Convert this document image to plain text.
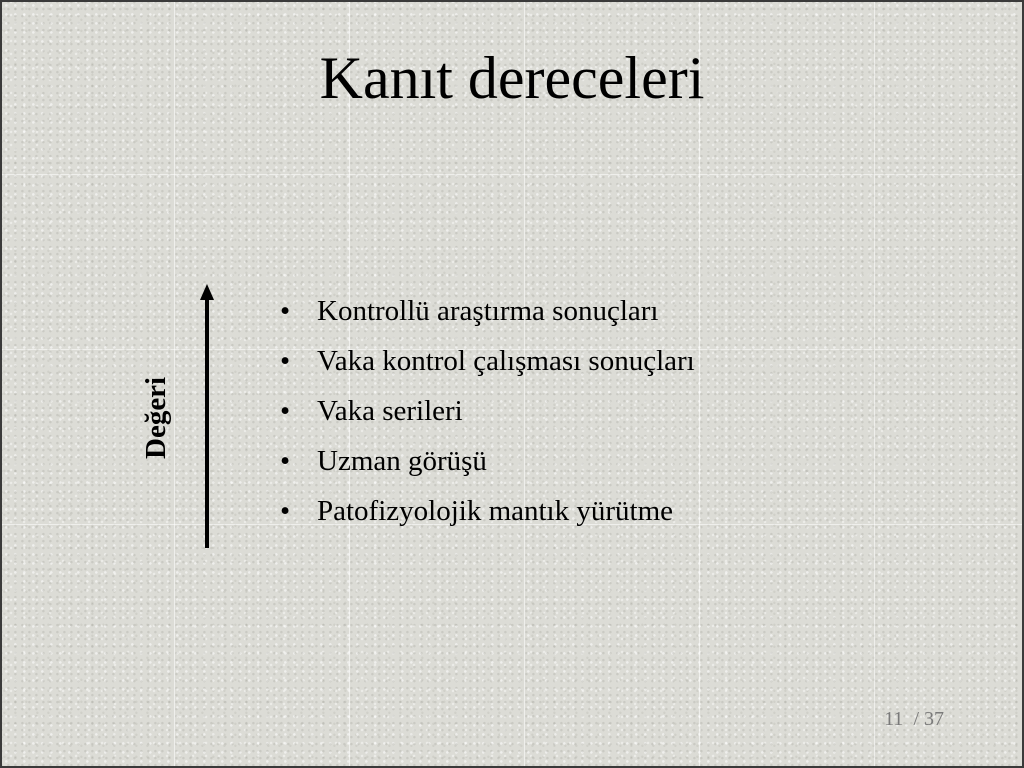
Kanıt dereceleri
Değeri
• Kontrollü araştırma sonuçları
• Vaka kontrol çalışması sonuçları
• Vaka serileri
• Uzman görüşü
• Patofizyolojik mantık yürütme
11 / 37
